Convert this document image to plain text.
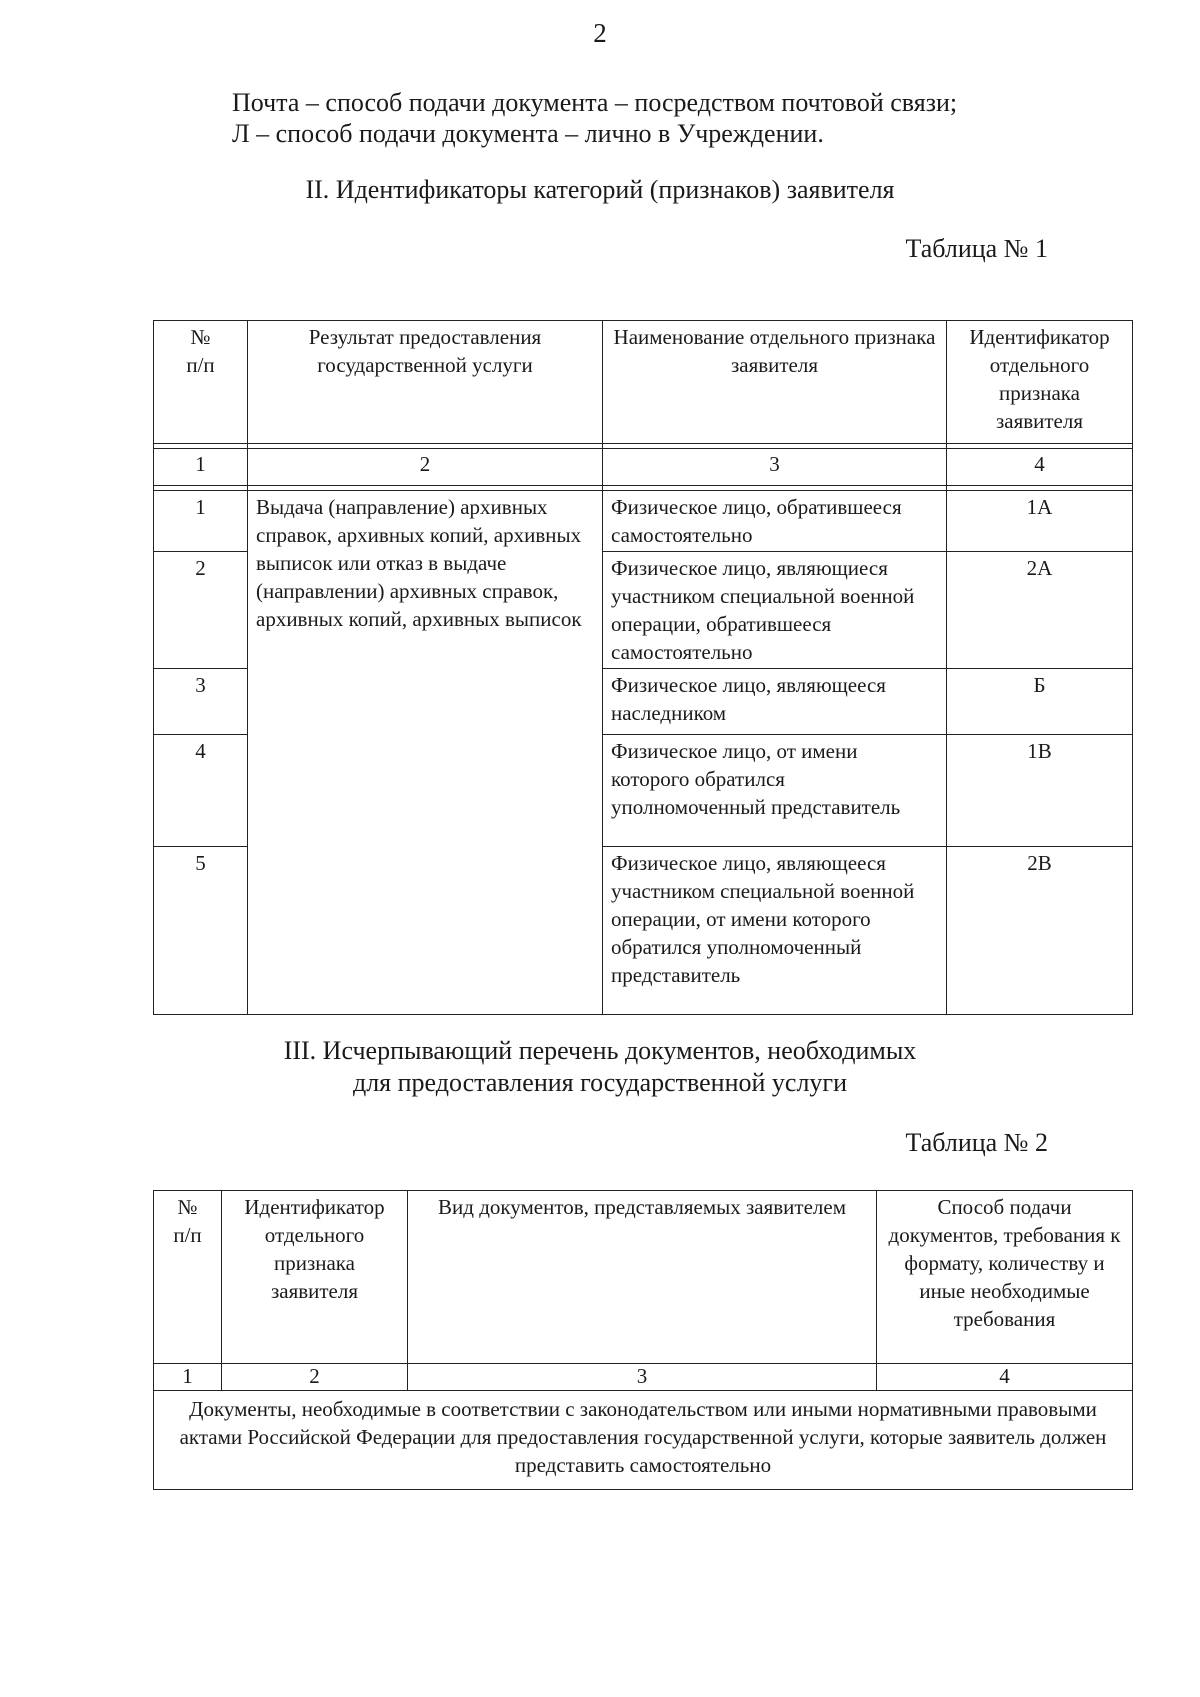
2
Почта – способ подачи документа – посредством почтовой связи;
Л – способ подачи документа – лично в Учреждении.
II. Идентификаторы категорий (признаков) заявителя
Таблица № 1
№
п/п	Результат предоставления государственной услуги	Наименование отдельного признака заявителя	Идентификатор отдельного признака заявителя

1	2	3	4

1	Выдача (направление) архивных справок, архивных копий, архивных выписок или отказ в выдаче (направлении) архивных справок, архивных копий, архивных выписок	Физическое лицо, обратившееся самостоятельно	1А
2		Физическое лицо, являющиеся участником специальной военной операции, обратившееся самостоятельно	2А
3		Физическое лицо, являющееся наследником	Б
4		Физическое лицо, от имени которого обратился уполномоченный представитель	1В
5		Физическое лицо, являющееся участником специальной военной операции, от имени которого обратился уполномоченный представитель	2В
III. Исчерпывающий перечень документов, необходимых
для предоставления государственной услуги
Таблица № 2
№
п/п	Идентификатор отдельного признака заявителя	Вид документов, представляемых заявителем	Способ подачи документов, требования к формату, количеству и иные необходимые требования
1	2	3	4
Документы, необходимые в соответствии с законодательством или иными нормативными правовыми актами Российской Федерации для предоставления государственной услуги, которые заявитель должен представить самостоятельно			
